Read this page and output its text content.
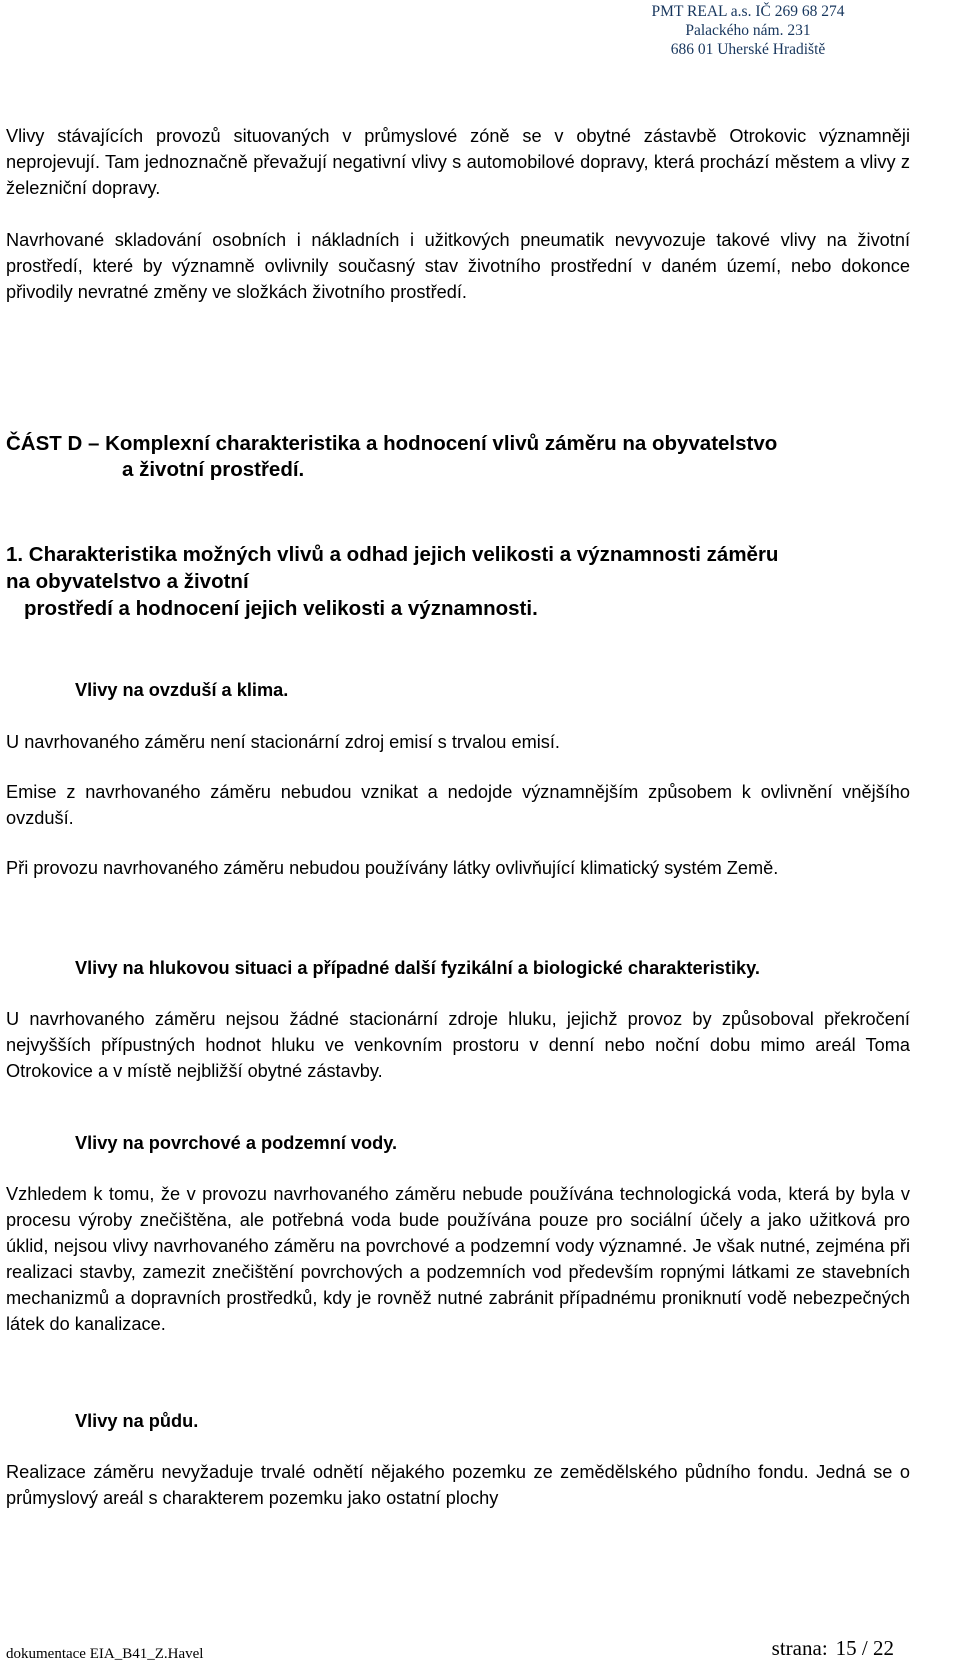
PMT REAL a.s. IČ 269 68 274
Palackého nám. 231
686 01 Uherské Hradiště

Vlivy stávajících provozů situovaných v průmyslové zóně se v obytné zástavbě Otrokovic významněji neprojevují. Tam jednoznačně převažují negativní vlivy s automobilové dopravy, která prochází městem a vlivy z železniční dopravy.

Navrhované skladování osobních i nákladních i užitkových pneumatik nevyvozuje takové vlivy na životní prostředí, které by významně ovlivnily současný stav životního prostřední v daném území, nebo dokonce přivodily nevratné změny ve složkách životního prostředí.

ČÁST D – Komplexní charakteristika a hodnocení vlivů záměru na obyvatelstvo
a životní prostředí.
1. Charakteristika možných vlivů a odhad jejich velikosti a významnosti záměru
na obyvatelstvo a životní
prostředí a hodnocení jejich velikosti a významnosti.
Vlivy na ovzduší a klima.

U navrhovaného záměru není stacionární zdroj emisí s trvalou emisí.

Emise z navrhovaného záměru nebudou vznikat a nedojde významnějším způsobem k ovlivnění vnějšího ovzduší.

Při provozu navrhovaného záměru nebudou používány látky ovlivňující klimatický systém Země.

Vlivy na hlukovou situaci a případné další fyzikální a biologické charakteristiky.

U navrhovaného záměru nejsou žádné stacionární zdroje hluku, jejichž provoz by způsoboval překročení nejvyšších přípustných hodnot hluku ve venkovním prostoru v denní nebo noční dobu mimo areál Toma Otrokovice a v místě nejbližší obytné zástavby.

Vlivy na povrchové a podzemní vody.

Vzhledem k tomu, že v provozu navrhovaného záměru nebude používána technologická voda, která by byla v procesu výroby znečištěna, ale potřebná voda bude používána pouze pro sociální účely a jako užitková pro úklid, nejsou vlivy navrhovaného záměru na povrchové a podzemní vody významné. Je však nutné, zejména při realizaci stavby, zamezit znečištění povrchových a podzemních vod především ropnými látkami ze stavebních mechanizmů a dopravních prostředků, kdy je rovněž nutné zabránit případnému proniknutí vodě nebezpečných látek do kanalizace.

Vlivy na půdu.

Realizace záměru nevyžaduje trvalé odnětí nějakého pozemku ze zemědělského půdního fondu. Jedná se o průmyslový areál s charakterem pozemku jako ostatní plochy

dokumentace EIA_B41_Z.Havel	strana: 15 / 22
